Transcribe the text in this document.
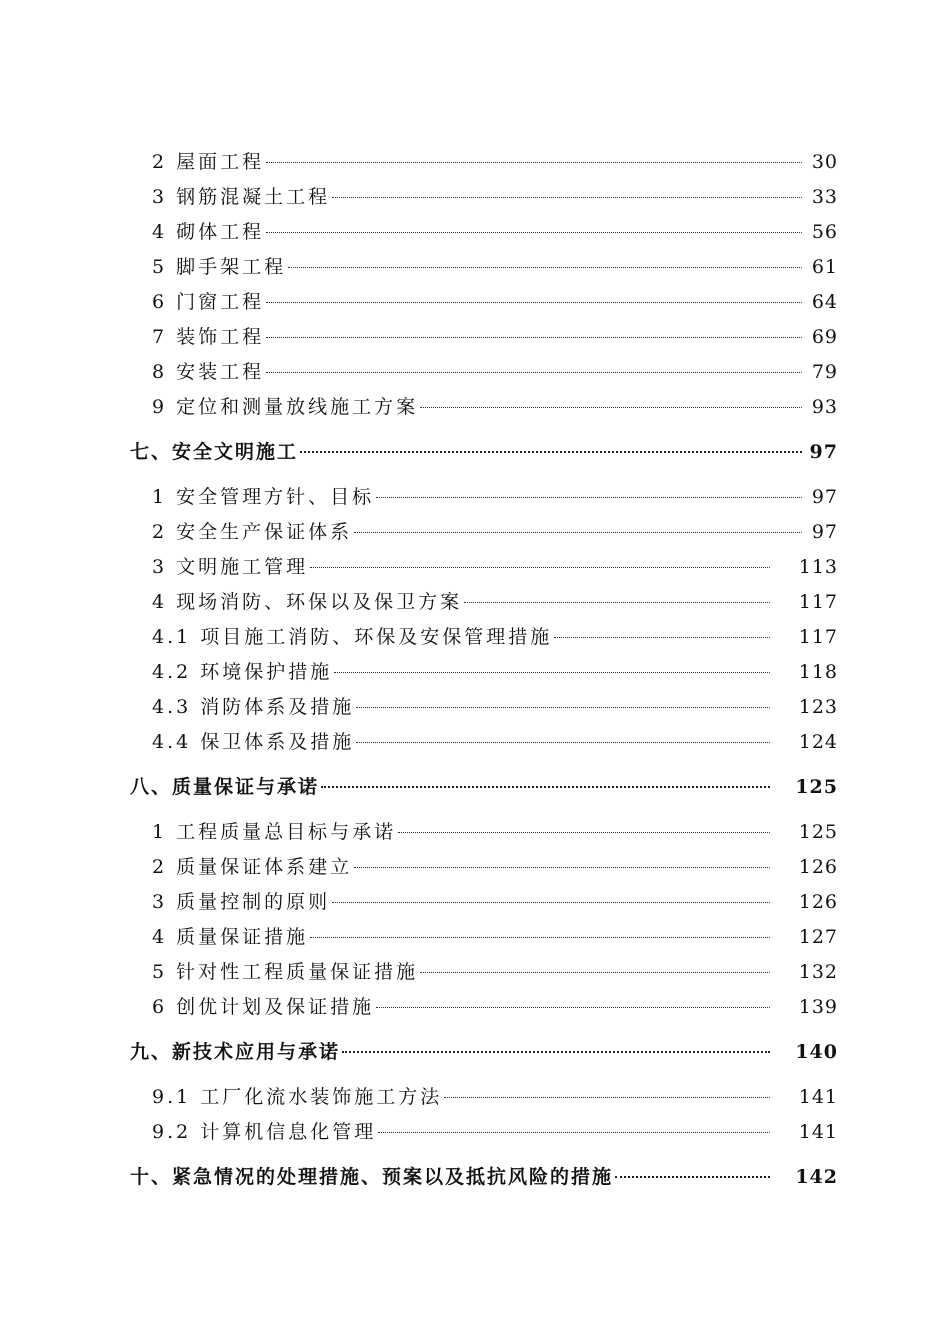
2 屋面工程	30
3 钢筋混凝土工程	33
4 砌体工程	56
5 脚手架工程	61
6 门窗工程	64
7 装饰工程	69
8 安装工程	79
9 定位和测量放线施工方案	93
七、安全文明施工	97
1 安全管理方针、目标	97
2 安全生产保证体系	97
3 文明施工管理	113
4 现场消防、环保以及保卫方案	117
4.1 项目施工消防、环保及安保管理措施	117
4.2 环境保护措施	118
4.3 消防体系及措施	123
4.4 保卫体系及措施	124
八、质量保证与承诺	125
1 工程质量总目标与承诺	125
2 质量保证体系建立	126
3 质量控制的原则	126
4 质量保证措施	127
5 针对性工程质量保证措施	132
6 创优计划及保证措施	139
九、新技术应用与承诺	140
9.1 工厂化流水装饰施工方法	141
9.2 计算机信息化管理	141
十、紧急情况的处理措施、预案以及抵抗风险的措施	142
